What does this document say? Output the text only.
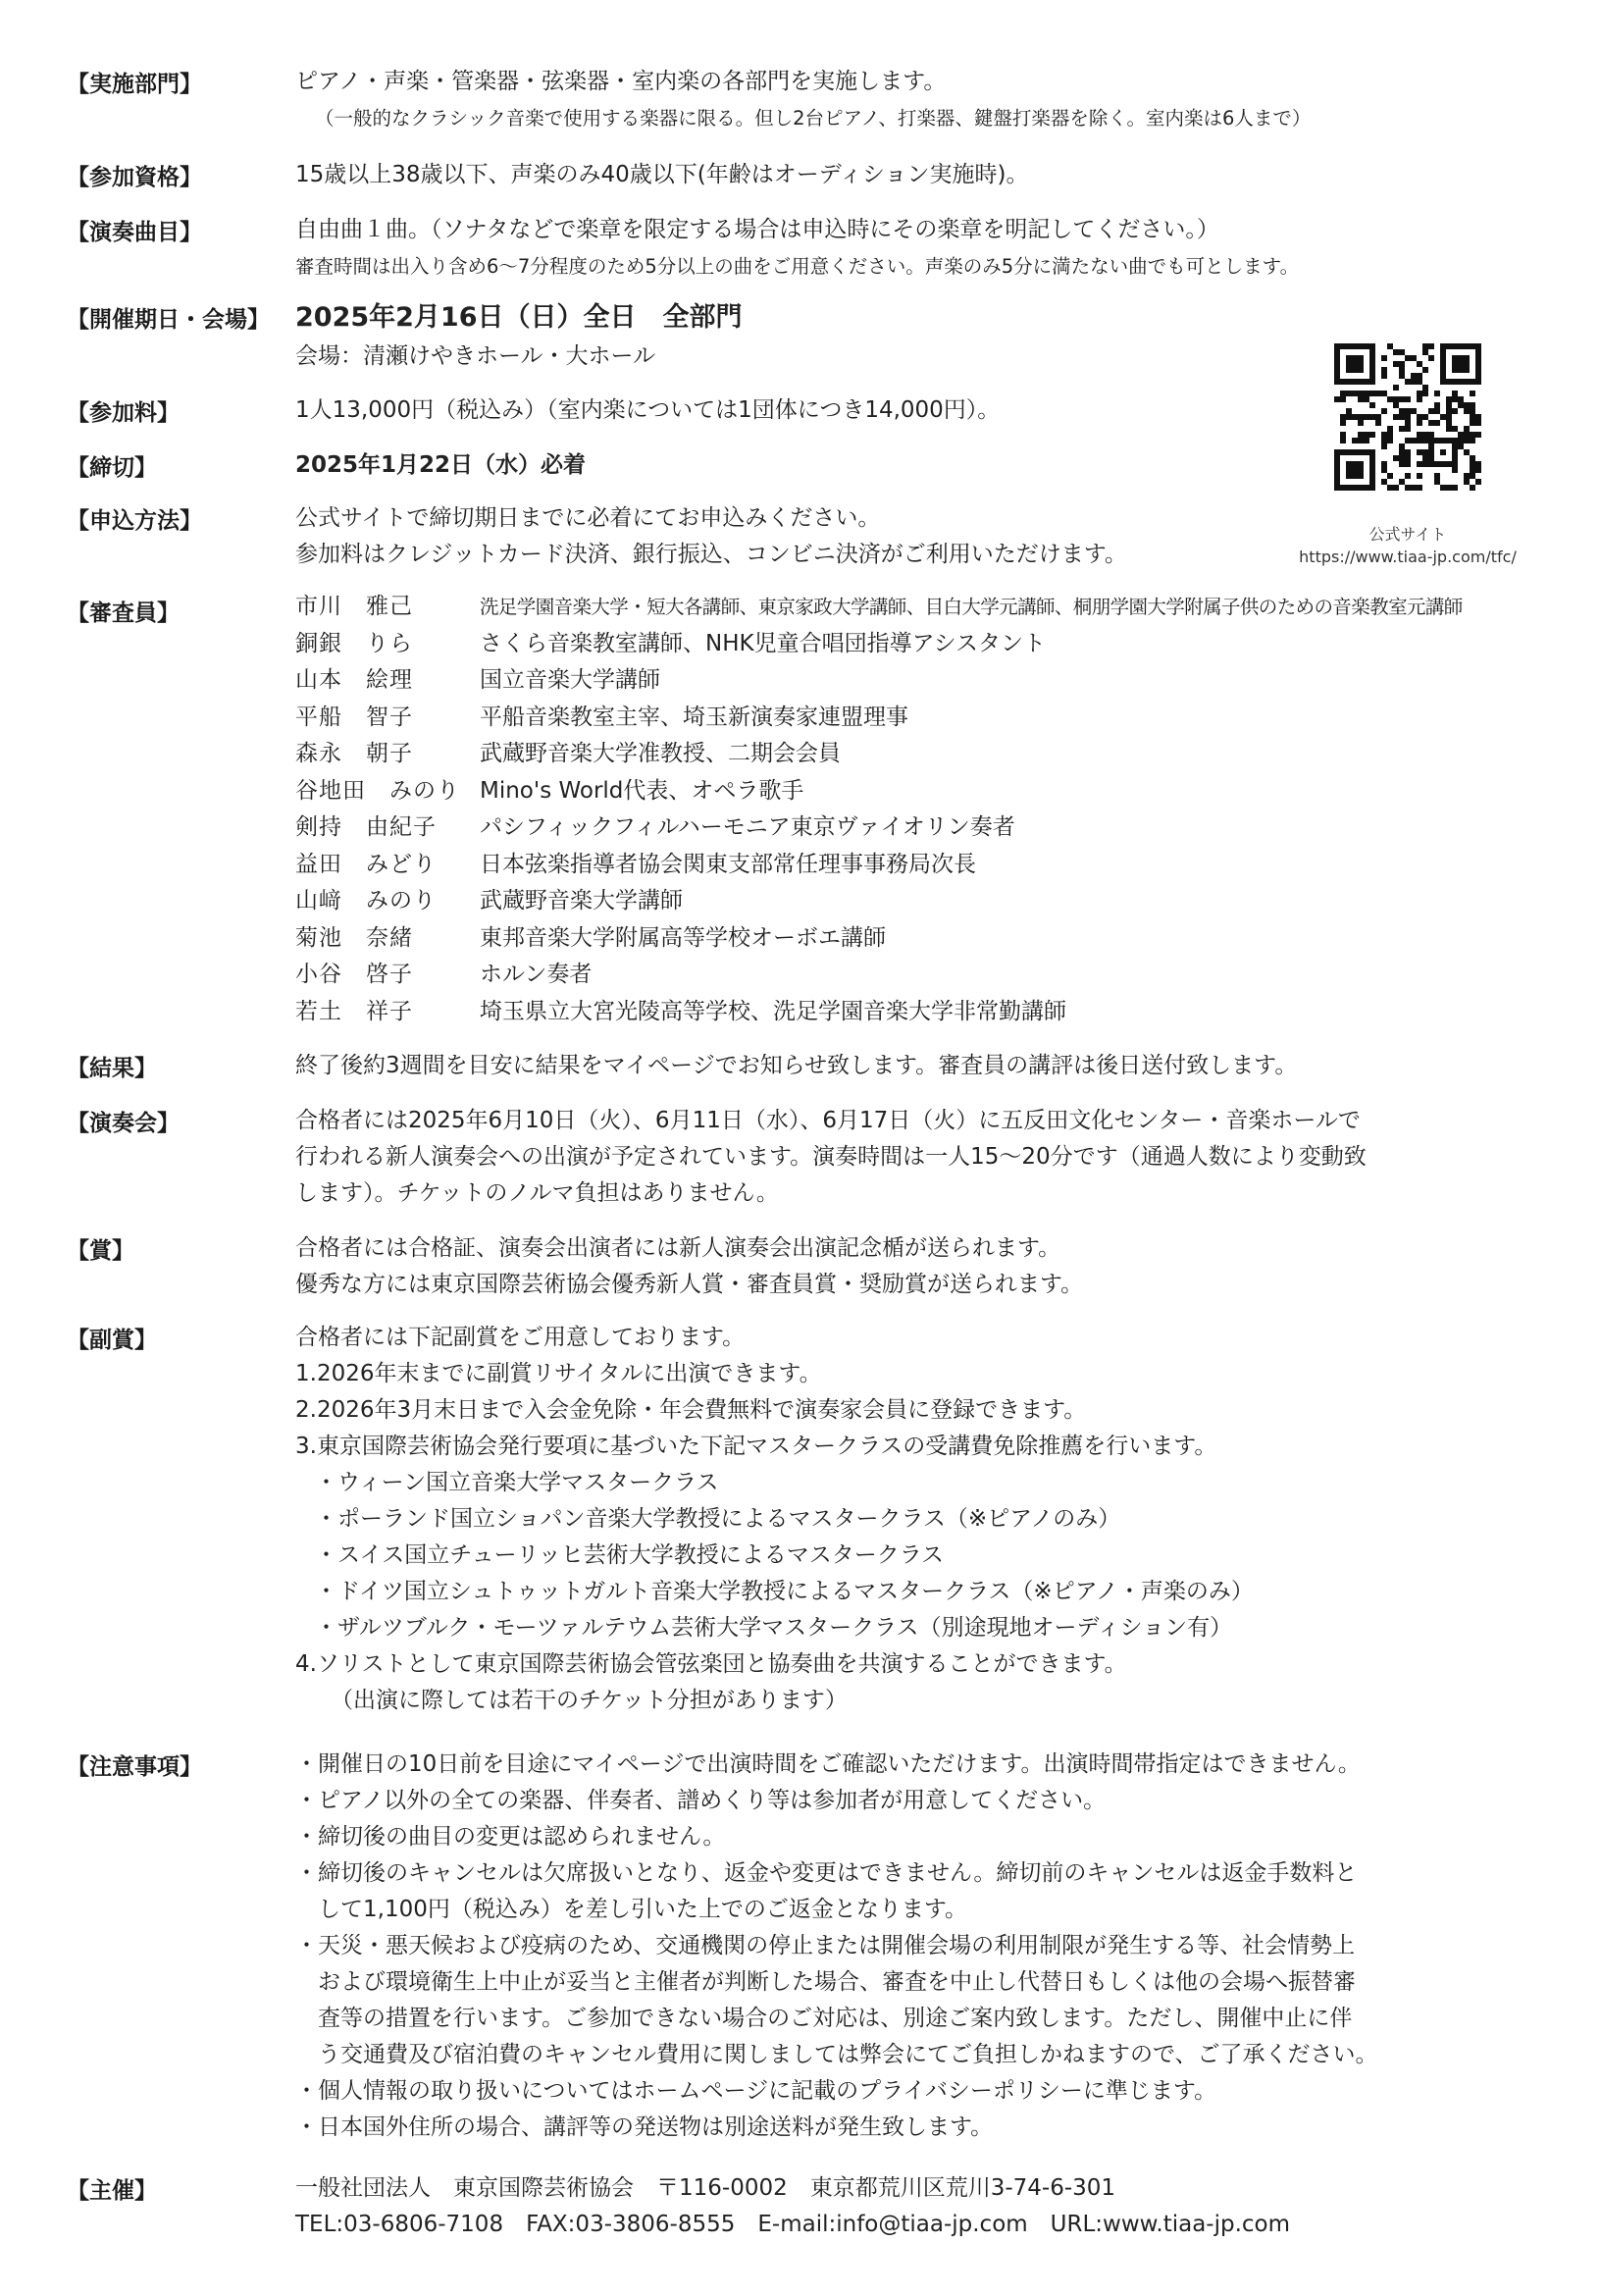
【実施部門】	ピアノ・声楽・管楽器・弦楽器・室内楽の各部門を実施します。
（一般的なクラシック音楽で使用する楽器に限る。但し2台ピアノ、打楽器、鍵盤打楽器を除く。室内楽は6人まで）
【参加資格】	15歳以上38歳以下、声楽のみ40歳以下(年齢はオーディション実施時)。
【演奏曲目】	自由曲１曲。（ソナタなどで楽章を限定する場合は申込時にその楽章を明記してください。）
審査時間は出入り含め6〜7分程度のため5分以上の曲をご用意ください。声楽のみ5分に満たない曲でも可とします。
【開催期日・会場】 2025年2月16日（日）全日　全部門
会場：清瀬けやきホール・大ホール
【参加料】	1人13,000円（税込み）（室内楽については1団体につき14,000円）。
【締切】	2025年1月22日（水）必着
【申込方法】	公式サイトで締切期日までに必着にてお申込みください。
参加料はクレジットカード決済、銀行振込、コンビニ決済がご利用いただけます。
公式サイト
https://www.tiaa-jp.com/tfc/
【審査員】	市川　雅己	洗足学園音楽大学・短大各講師、東京家政大学講師、目白大学元講師、桐朋学園大学附属子供のための音楽教室元講師
銅銀　りら	さくら音楽教室講師、NHK児童合唱団指導アシスタント
山本　絵理	国立音楽大学講師
平船　智子	平船音楽教室主宰、埼玉新演奏家連盟理事
森永　朝子	武蔵野音楽大学准教授、二期会会員
谷地田　みのり Mino's World代表、オペラ歌手
剣持　由紀子	パシフィックフィルハーモニア東京ヴァイオリン奏者
益田　みどり	日本弦楽指導者協会関東支部常任理事事務局次長
山﨑　みのり	武蔵野音楽大学講師
菊池　奈緒	東邦音楽大学附属高等学校オーボエ講師
小谷　啓子	ホルン奏者
若土　祥子	埼玉県立大宮光陵高等学校、洗足学園音楽大学非常勤講師
【結果】	終了後約3週間を目安に結果をマイページでお知らせ致します。審査員の講評は後日送付致します。
【演奏会】	合格者には2025年6月10日（火）、6月11日（水）、6月17日（火）に五反田文化センター・音楽ホールで
行われる新人演奏会への出演が予定されています。演奏時間は一人15〜20分です（通過人数により変動致
します）。チケットのノルマ負担はありません。
【賞】	合格者には合格証、演奏会出演者には新人演奏会出演記念楯が送られます。
優秀な方には東京国際芸術協会優秀新人賞・審査員賞・奨励賞が送られます。
【副賞】	合格者には下記副賞をご用意しております。
1.2026年末までに副賞リサイタルに出演できます。
2.2026年3月末日まで入会金免除・年会費無料で演奏家会員に登録できます。
3.東京国際芸術協会発行要項に基づいた下記マスタークラスの受講費免除推薦を行います。
・ウィーン国立音楽大学マスタークラス
・ポーランド国立ショパン音楽大学教授によるマスタークラス（※ピアノのみ）
・スイス国立チューリッヒ芸術大学教授によるマスタークラス
・ドイツ国立シュトゥットガルト音楽大学教授によるマスタークラス（※ピアノ・声楽のみ）
・ザルツブルク・モーツァルテウム芸術大学マスタークラス（別途現地オーディション有）
4.ソリストとして東京国際芸術協会管弦楽団と協奏曲を共演することができます。
（出演に際しては若干のチケット分担があります）
【注意事項】	・開催日の10日前を目途にマイページで出演時間をご確認いただけます。出演時間帯指定はできません。
・ピアノ以外の全ての楽器、伴奏者、譜めくり等は参加者が用意してください。
・締切後の曲目の変更は認められません。
・締切後のキャンセルは欠席扱いとなり、返金や変更はできません。締切前のキャンセルは返金手数料と
　して1,100円（税込み）を差し引いた上でのご返金となります。
・天災・悪天候および疫病のため、交通機関の停止または開催会場の利用制限が発生する等、社会情勢上
　および環境衛生上中止が妥当と主催者が判断した場合、審査を中止し代替日もしくは他の会場へ振替審
　査等の措置を行います。ご参加できない場合のご対応は、別途ご案内致します。ただし、開催中止に伴
　う交通費及び宿泊費のキャンセル費用に関しましては弊会にてご負担しかねますので、ご了承ください。
・個人情報の取り扱いについてはホームページに記載のプライバシーポリシーに準じます。
・日本国外住所の場合、講評等の発送物は別途送料が発生致します。
【主催】	一般社団法人　東京国際芸術協会　〒116-0002　東京都荒川区荒川3-74-6-301
TEL:03-6806-7108　FAX:03-3806-8555　E-mail:info@tiaa-jp.com　URL:www.tiaa-jp.com
